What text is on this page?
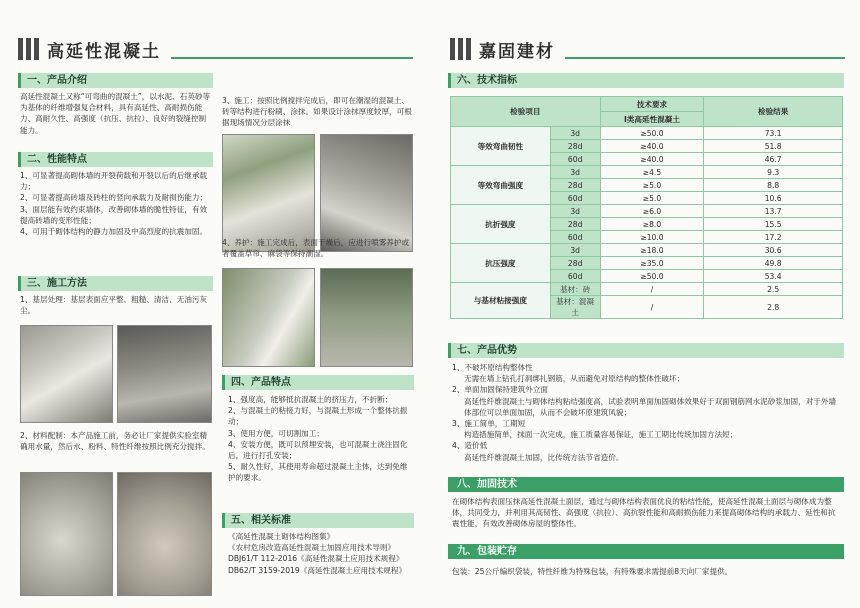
高延性混凝土	嘉固建材
一、产品介绍
高延性混凝土又称“可弯曲的混凝土”，以水泥、石英砂等为基体的纤维增强复合材料，具有高延性、高耐损伤能力、高耐久性、高强度（抗压、抗拉）、良好的裂缝控制能力。
二、性能特点

1、可显著提高砌体墙的开裂荷载和开裂以后的后继承载力；

2、可显著提高砖墙及砖柱的竖向承载力及耐损伤能力；

3、面层能有效约束墙体，改善砌体墙的脆性特征，有效提高砖墙的变形性能；

4、可用于砌体结构的静力加固及中高烈度的抗震加固。

三、施工方法
1、基层处理：基层表面应平整、粗糙、清洁、无油污灰尘。
2、材料配制：本产品施工前，务必让厂家提供实验室精确用水量，然后水、粉料、特性纤维按照比例充分搅拌。
3、施工：按照比例搅拌完成后，即可在潮湿的混凝土、砖等结构进行粉刷、涂抹。如果设计涂抹厚度较厚，可根据现场情况分层涂抹
4、养护：施工完成后，表面干燥后，应进行喷雾养护或者覆盖草帘、麻袋等保持潮湿。
四、产品特点

1、强度高，能够抵抗混凝土的挤压力，不折断；

2、与混凝土的粘接力好，与混凝土形成一个整体抗振动；

3、使用方便，可切割加工；

4、安装方便，既可以预埋安装，也可混凝土浇注固化后，进行打孔安装；

5、耐久性好，其使用寿命超过混凝土主体，达到免维护的要求。

五、相关标准

《高延性混凝土砌体结构图集》

《农村危房改造高延性混凝土加固应用技术导则》

DBJ61/T 112-2016《高延性混凝土应用技术规程》

DB62/T 3159-2019《高延性混凝土应用技术规程》

六、技术指标
检验项目		技术要求	检验结果
		I类高延性混凝土	
等效弯曲韧性	3d	≥50.0	73.1
	28d	≥40.0	51.8
	60d	≥40.0	46.7
等效弯曲强度	3d	≥4.5	9.3
	28d	≥5.0	8.8
	60d	≥5.0	10.6
抗折强度	3d	≥6.0	13.7
	28d	≥8.0	15.5
	60d	≥10.0	17.2
抗压强度	3d	≥18.0	30.6
	28d	≥35.0	49.8
	60d	≥50.0	53.4
与基材粘接强度	基材：砖	/	2.5
	基材：混凝土	/	2.8
七、产品优势

1、不破坏原结构整体性

无需在墙上钻孔打洞绑扎钢筋，从而避免对原结构的整体性破坏；

2、单面加固保持建筑外立面

高延性纤维混凝土与砌体结构粘结强度高，试验表明单面加固砌体效果好于双面钢筋网水泥砂浆加固，对于外墙体部位可以单面加固，从而不会破坏原建筑风貌；

3、施工简单，工期短

构造措施简单，抹面一次完成，施工质量容易保证，施工工期比传统加固方法短；

4、造价低

高延性纤维混凝土加固，比传统方法节省造价。

八、加固技术
在砌体结构表面压抹高延性混凝土面层，通过与砌体结构表面优良的粘结性能，使高延性混凝土面层与砌体成为整体，共同受力，并利用其高韧性、高强度（抗拉）、高抗裂性能和高耐损伤能力来提高砌体结构的承载力、延性和抗震性能，有效改善砌体房屋的整体性。
九、包装贮存
包装：25公斤编织袋装，特性纤维为特殊包装，有特殊要求需提前8天向厂家提供。
